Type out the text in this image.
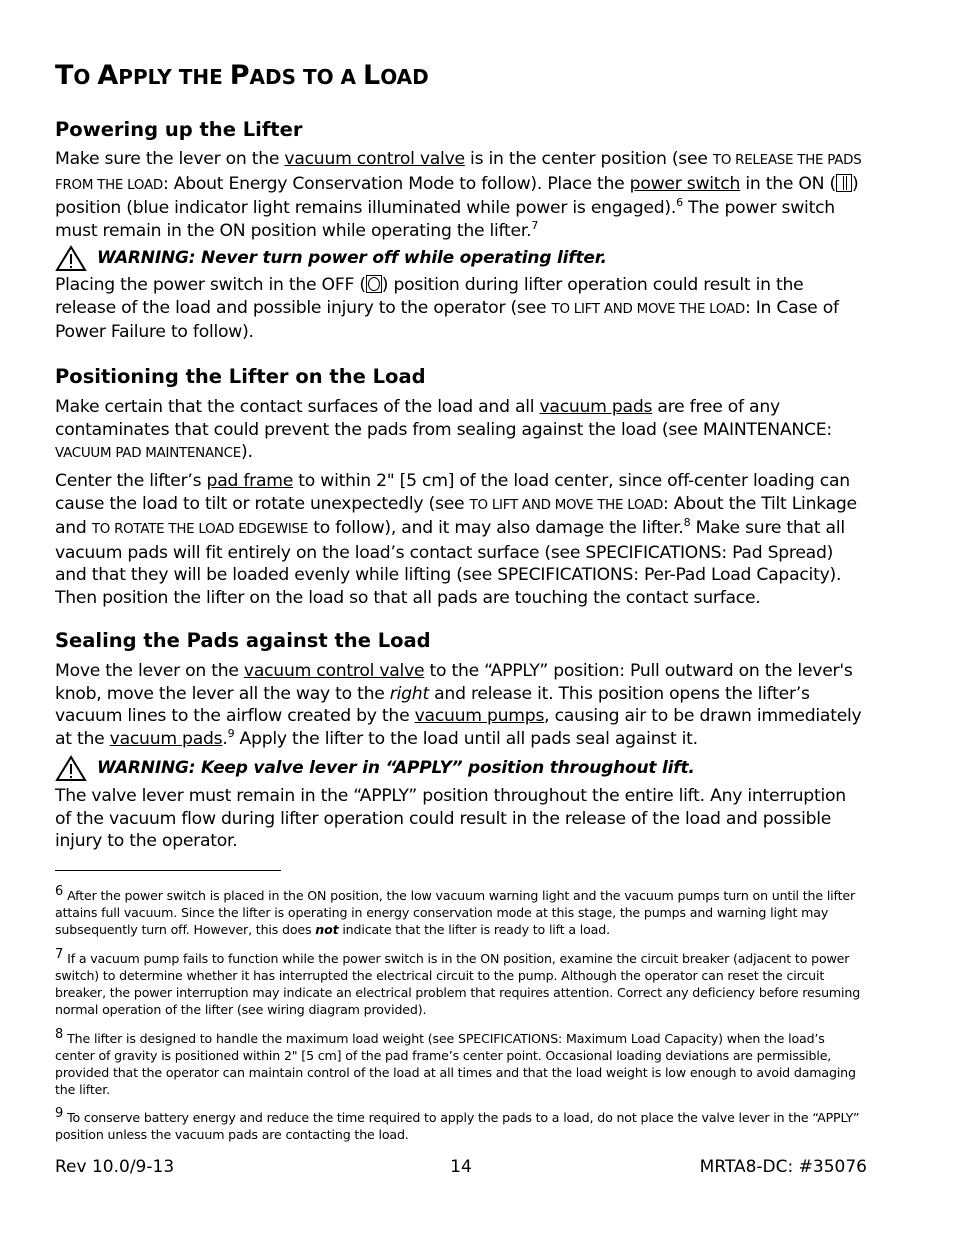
TO APPLY THE PADS TO A LOAD
Powering up the Lifter

Make sure the lever on the vacuum control valve is in the center position (see TO RELEASE THE PADS FROM THE LOAD: About Energy Conservation Mode to follow). Place the power switch in the ON ( ) position (blue indicator light remains illuminated while power is engaged).$^6$ The power switch must remain in the ON position while operating the lifter.$^7$

WARNING: Never turn power off while operating lifter.

Placing the power switch in the OFF ( ) position during lifter operation could result in the release of the load and possible injury to the operator (see TO LIFT AND MOVE THE LOAD: In Case of Power Failure to follow).

Positioning the Lifter on the Load

Make certain that the contact surfaces of the load and all vacuum pads are free of any contaminates that could prevent the pads from sealing against the load (see MAINTENANCE: VACUUM PAD MAINTENANCE).

Center the lifter’s pad frame to within 2" [5 cm] of the load center, since off-center loading can cause the load to tilt or rotate unexpectedly (see TO LIFT AND MOVE THE LOAD: About the Tilt Linkage and TO ROTATE THE LOAD EDGEWISE to follow), and it may also damage the lifter.$^8$ Make sure that all vacuum pads will fit entirely on the load’s contact surface (see SPECIFICATIONS: Pad Spread) and that they will be loaded evenly while lifting (see SPECIFICATIONS: Per-Pad Load Capacity). Then position the lifter on the load so that all pads are touching the contact surface.

Sealing the Pads against the Load

Move the lever on the vacuum control valve to the “APPLY” position: Pull outward on the lever's knob, move the lever all the way to the right and release it. This position opens the lifter’s vacuum lines to the airflow created by the vacuum pumps, causing air to be drawn immediately at the vacuum pads.$^9$ Apply the lifter to the load until all pads seal against it.

WARNING: Keep valve lever in “APPLY” position throughout lift.

The valve lever must remain in the “APPLY” position throughout the entire lift. Any interruption of the vacuum flow during lifter operation could result in the release of the load and possible injury to the operator.

6 After the power switch is placed in the ON position, the low vacuum warning light and the vacuum pumps turn on until the lifter attains full vacuum. Since the lifter is operating in energy conservation mode at this stage, the pumps and warning light may subsequently turn off. However, this does not indicate that the lifter is ready to lift a load.

7 If a vacuum pump fails to function while the power switch is in the ON position, examine the circuit breaker (adjacent to power switch) to determine whether it has interrupted the electrical circuit to the pump. Although the operator can reset the circuit breaker, the power interruption may indicate an electrical problem that requires attention. Correct any deficiency before resuming normal operation of the lifter (see wiring diagram provided).

8 The lifter is designed to handle the maximum load weight (see SPECIFICATIONS: Maximum Load Capacity) when the load’s center of gravity is positioned within 2" [5 cm] of the pad frame’s center point. Occasional loading deviations are permissible, provided that the operator can maintain control of the load at all times and that the load weight is low enough to avoid damaging the lifter.

9 To conserve battery energy and reduce the time required to apply the pads to a load, do not place the valve lever in the “APPLY” position unless the vacuum pads are contacting the load.

Rev 10.0/9-13	14	MRTA8-DC: #35076
